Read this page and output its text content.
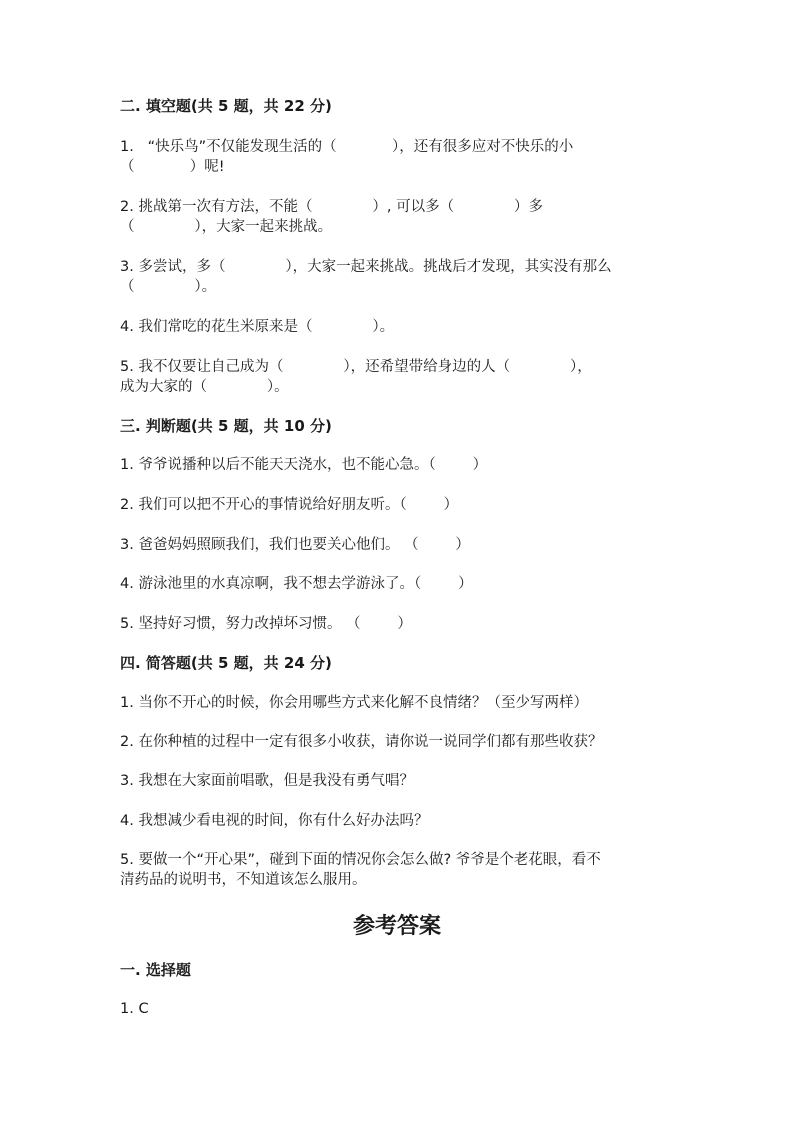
二. 填空题(共 5 题，共 22 分)
1.   “快乐鸟”不仅能发现生活的（            ），还有很多应对不快乐的小
（            ）呢!
2. 挑战第一次有方法，不能（             ）, 可以多（             ）多
（             ），大家一起来挑战。
3. 多尝试，多（             ），大家一起来挑战。挑战后才发现，其实没有那么
（             ）。
4. 我们常吃的花生米原来是（             ）。
5. 我不仅要让自己成为（             ），还希望带给身边的人（             ），
成为大家的（             ）。
三. 判断题(共 5 题，共 10 分)
1. 爷爷说播种以后不能天天浇水，也不能心急。（        ）
2. 我们可以把不开心的事情说给好朋友听。（        ）
3. 爸爸妈妈照顾我们，我们也要关心他们。 （        ）
4. 游泳池里的水真凉啊，我不想去学游泳了。（        ）
5. 坚持好习惯，努力改掉坏习惯。 （        ）
四. 简答题(共 5 题，共 24 分)
1. 当你不开心的时候，你会用哪些方式来化解不良情绪？（至少写两样）
2. 在你种植的过程中一定有很多小收获，请你说一说同学们都有那些收获？
3. 我想在大家面前唱歌，但是我没有勇气唱？
4. 我想减少看电视的时间，你有什么好办法吗？
5. 要做一个“开心果”，碰到下面的情况你会怎么做? 爷爷是个老花眼，看不
清药品的说明书，不知道该怎么服用。
参考答案
一. 选择题
1. C
